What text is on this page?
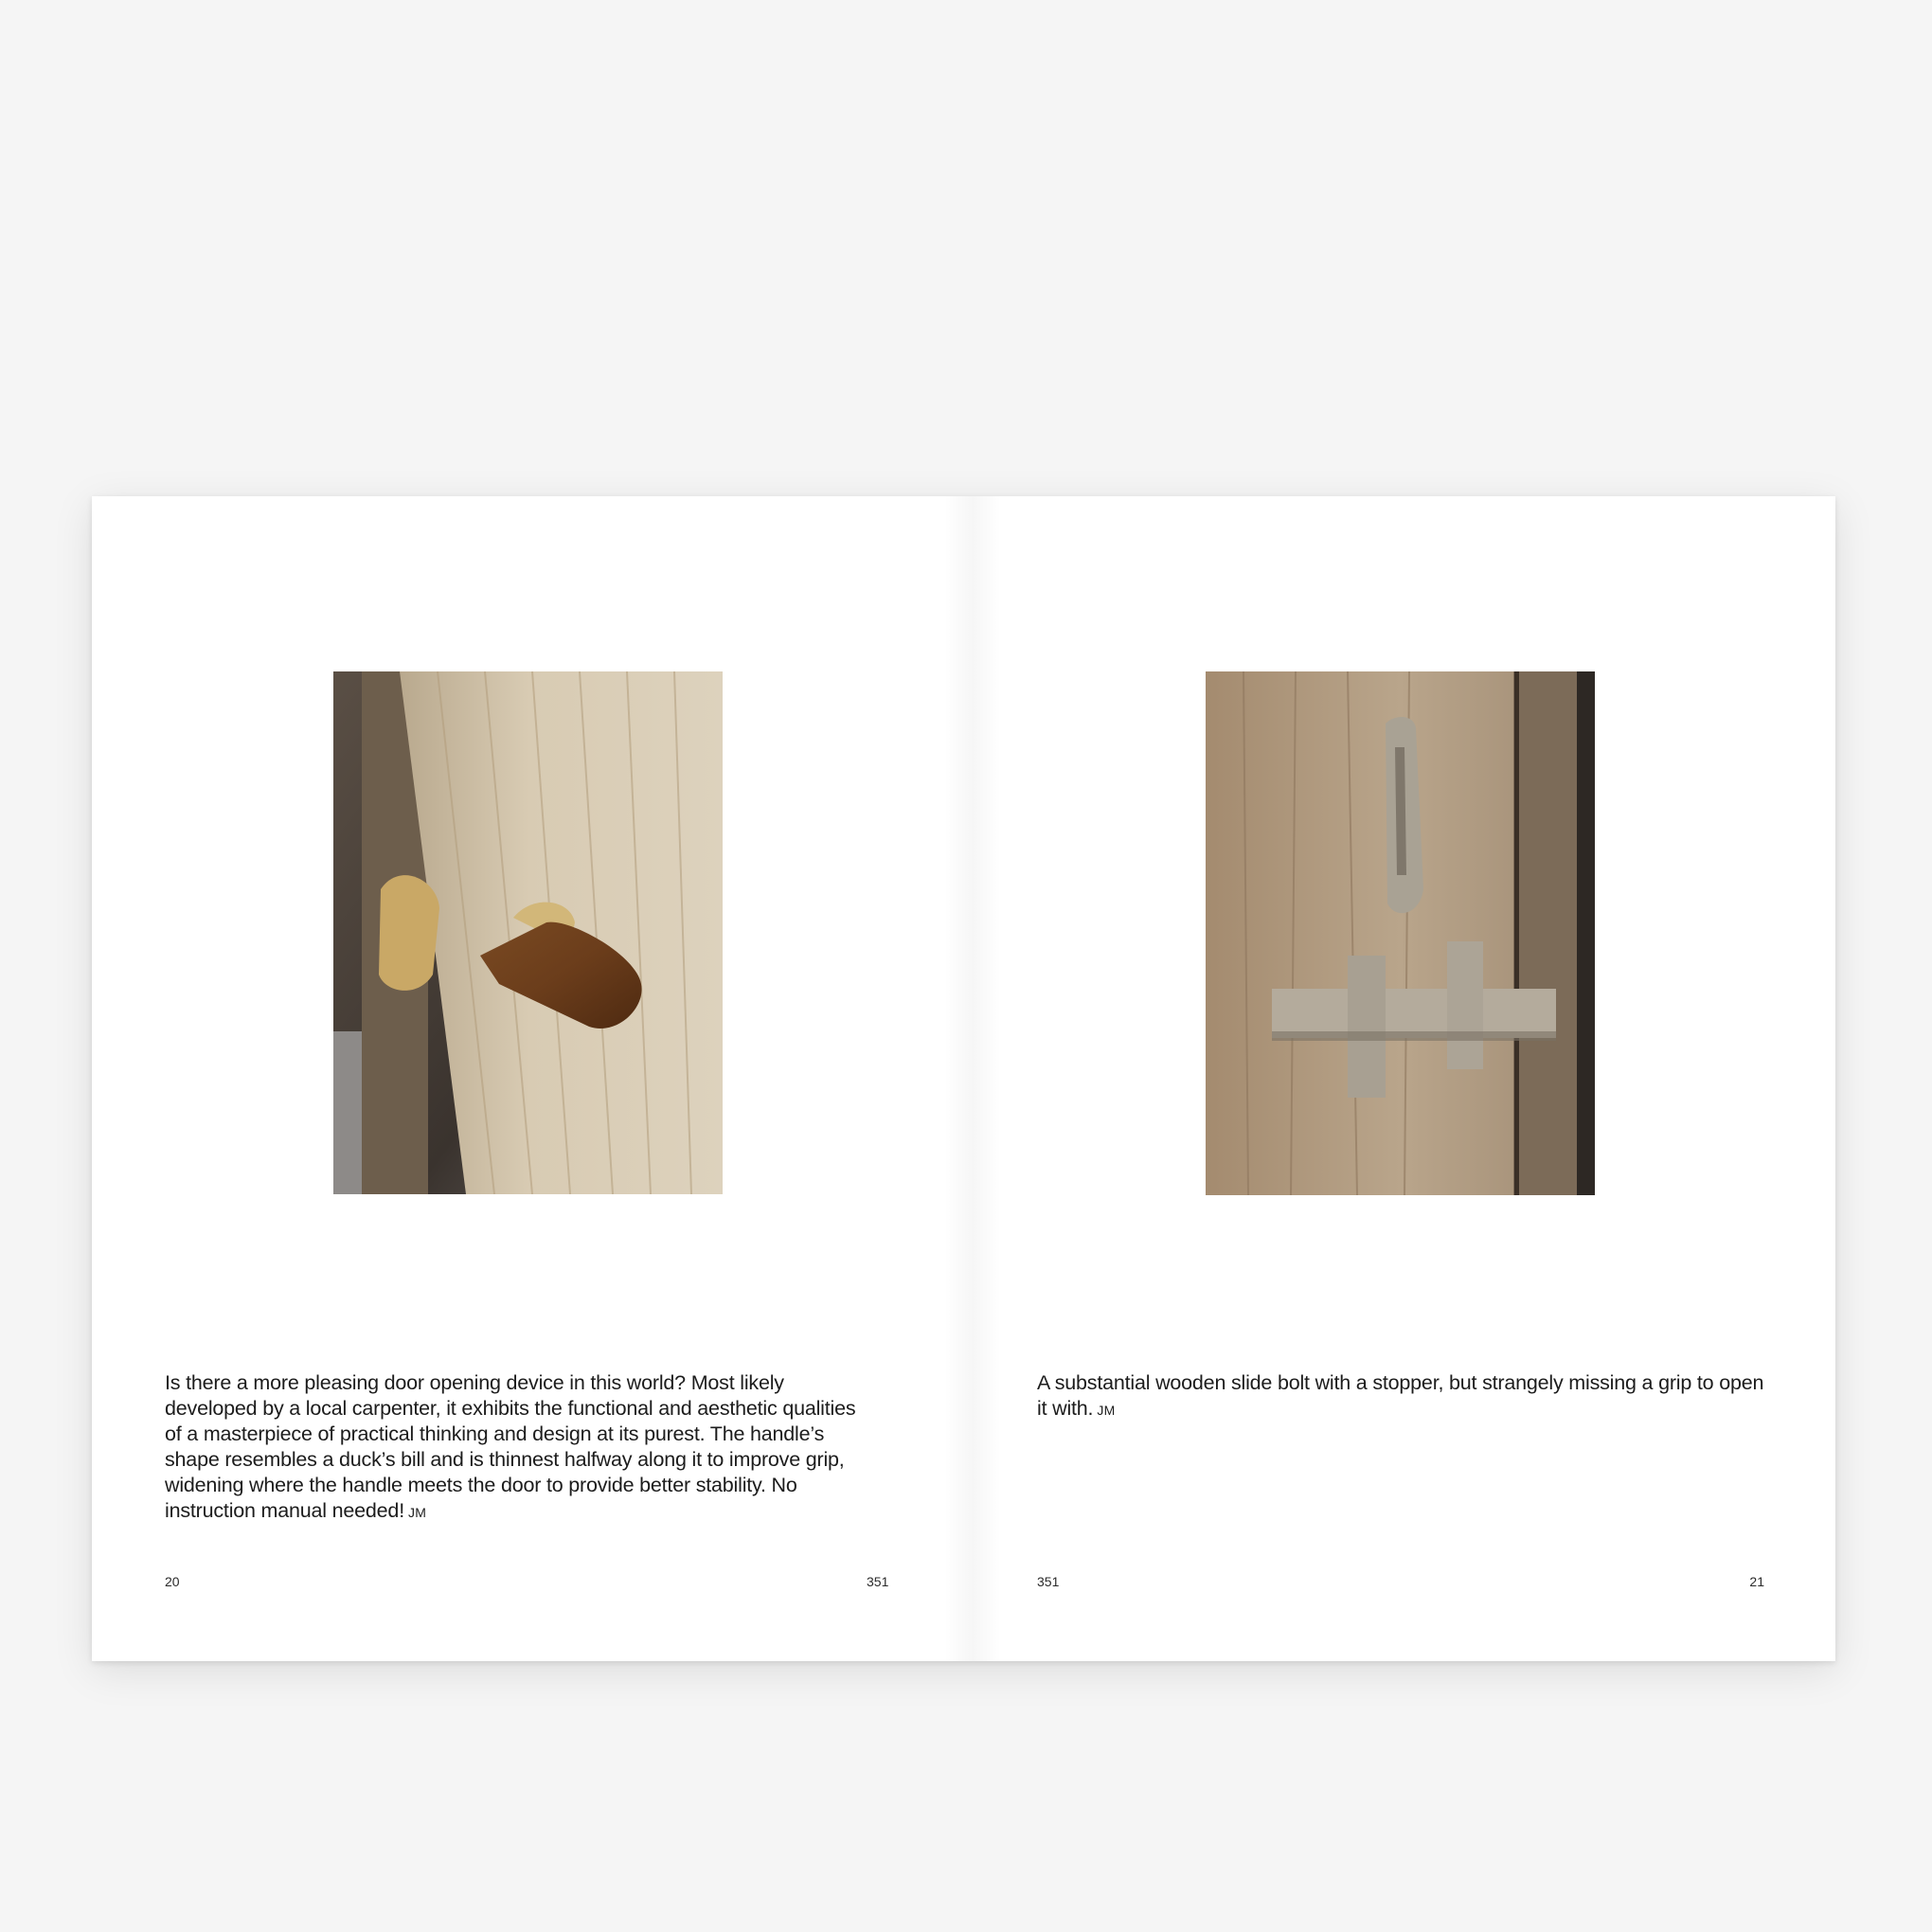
Is there a more pleasing door opening device in this world? Most likely developed by a local carpenter, it exhibits the functional and aesthetic qualities of a masterpiece of practical thinking and design at its purest. The handle’s shape resembles a duck’s bill and is thinnest halfway along it to improve grip, widening where the handle meets the door to provide better stability. No instruction manual needed! JM

A substantial wooden slide bolt with a stopper, but strangely missing a grip to open it with. JM

20	351	351	21
